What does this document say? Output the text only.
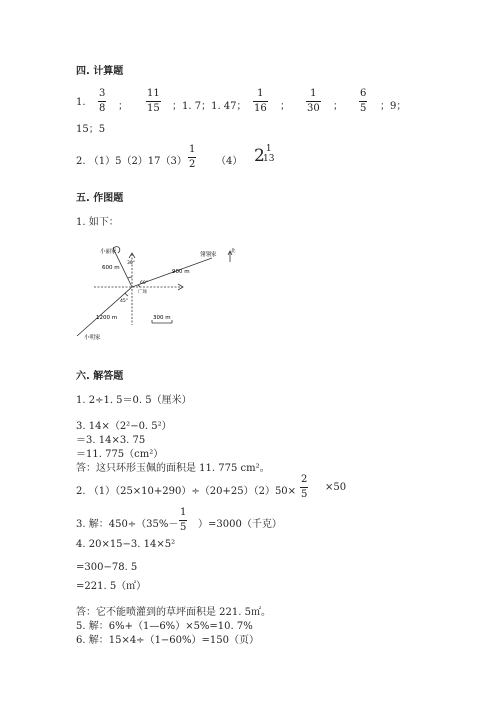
四. 计算题
1.
3
8 ；
11
15 ；1. 7；1. 47；
1
16 ；
1
30 ；
6
5 ；9；
15；5
2. （1）5（2）17（3）
1
2 （4） 2 1
13
五. 作图题
1. 如下：
小丽家
600 m
30°
900 m
60°
翎翎家
北
广场
45°
1200 m	300 m
小明家
六. 解答题
1. 2÷1. 5＝0. 5（厘米）
3. 14×（2²−0. 5²）
＝3. 14×3. 75
＝11. 775（cm²）
答：这只环形玉佩的面积是 11. 775 cm²。
2. （1）（25×10+290）÷（20+25）（2）50×
2
5
×50
3. 解：450÷（35%－
1
5 ）=3000（千克）
4. 20×15−3. 14×5²
=300−78. 5
=221. 5（㎡）
答：它不能喷灌到的草坪面积是 221. 5㎡。
5. 解：6%+（1—6%）×5%=10. 7%
6. 解：15×4÷（1−60%）=150（页）
